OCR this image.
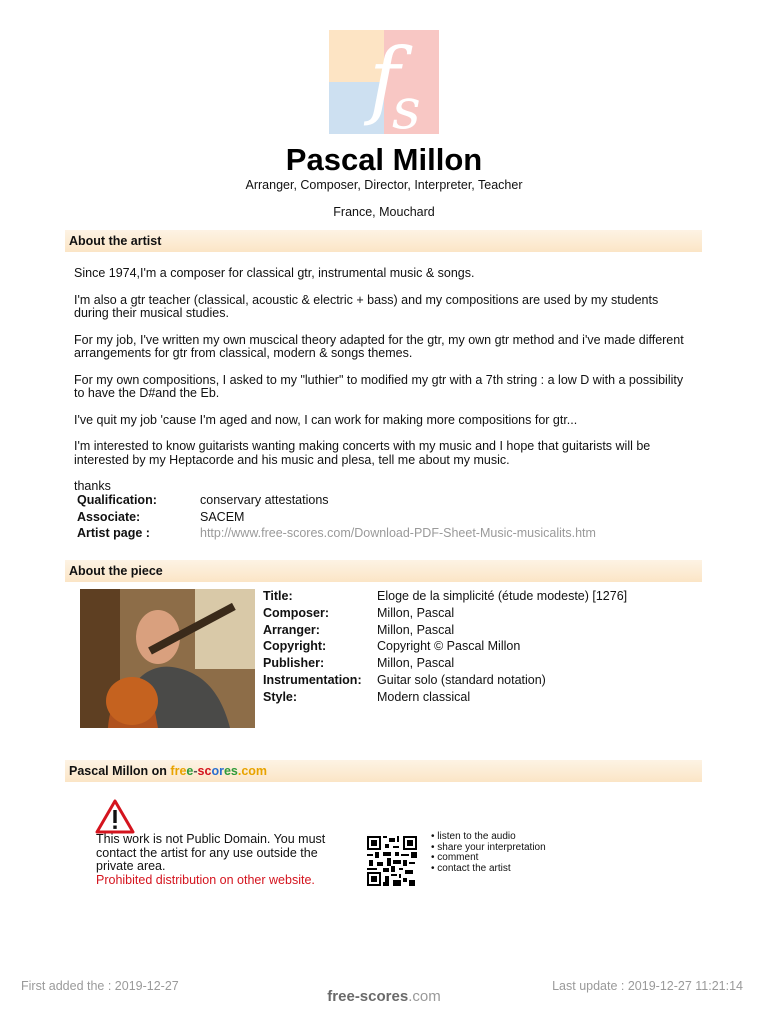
f
s
Pascal Millon
Arranger, Composer, Director, Interpreter, Teacher
France, Mouchard
About the artist

Since 1974,I'm a composer for classical gtr, instrumental music & songs.

I'm also a gtr teacher (classical, acoustic & electric + bass) and my compositions are used by my students during their musical studies.

For my job, I've written my own muscical theory adapted for the gtr, my own gtr method and i've made different arrangements for gtr from classical, modern & songs themes.

For my own compositions, I asked to my "luthier" to modified my gtr with a 7th string : a low D with a possibility to have the D#and the Eb.

I've quit my job 'cause I'm aged and now, I can work for making more compositions for gtr...

I'm interested to know guitarists wanting making concerts with my music and I hope that guitarists will be interested by my Heptacorde and his music and plesa, tell me about my music.

thanks

Qualification:	conservary attestations
Associate:	SACEM
Artist page :	http://www.free-scores.com/Download-PDF-Sheet-Music-musicalits.htm
About the piece
Title:	Eloge de la simplicité (étude modeste) [1276]
Composer:	Millon, Pascal
Arranger:	Millon, Pascal
Copyright:	Copyright © Pascal Millon
Publisher:	Millon, Pascal
Instrumentation:	Guitar solo (standard notation)
Style:	Modern classical
Pascal Millon on free-scores.com
This work is not Public Domain. You must contact the artist for any use outside the private area.
Prohibited distribution on other website.
• listen to the audio
• share your interpretation
• comment
• contact the artist
First added the : 2019-12-27	Last update : 2019-12-27 11:21:14
free-scores.com
